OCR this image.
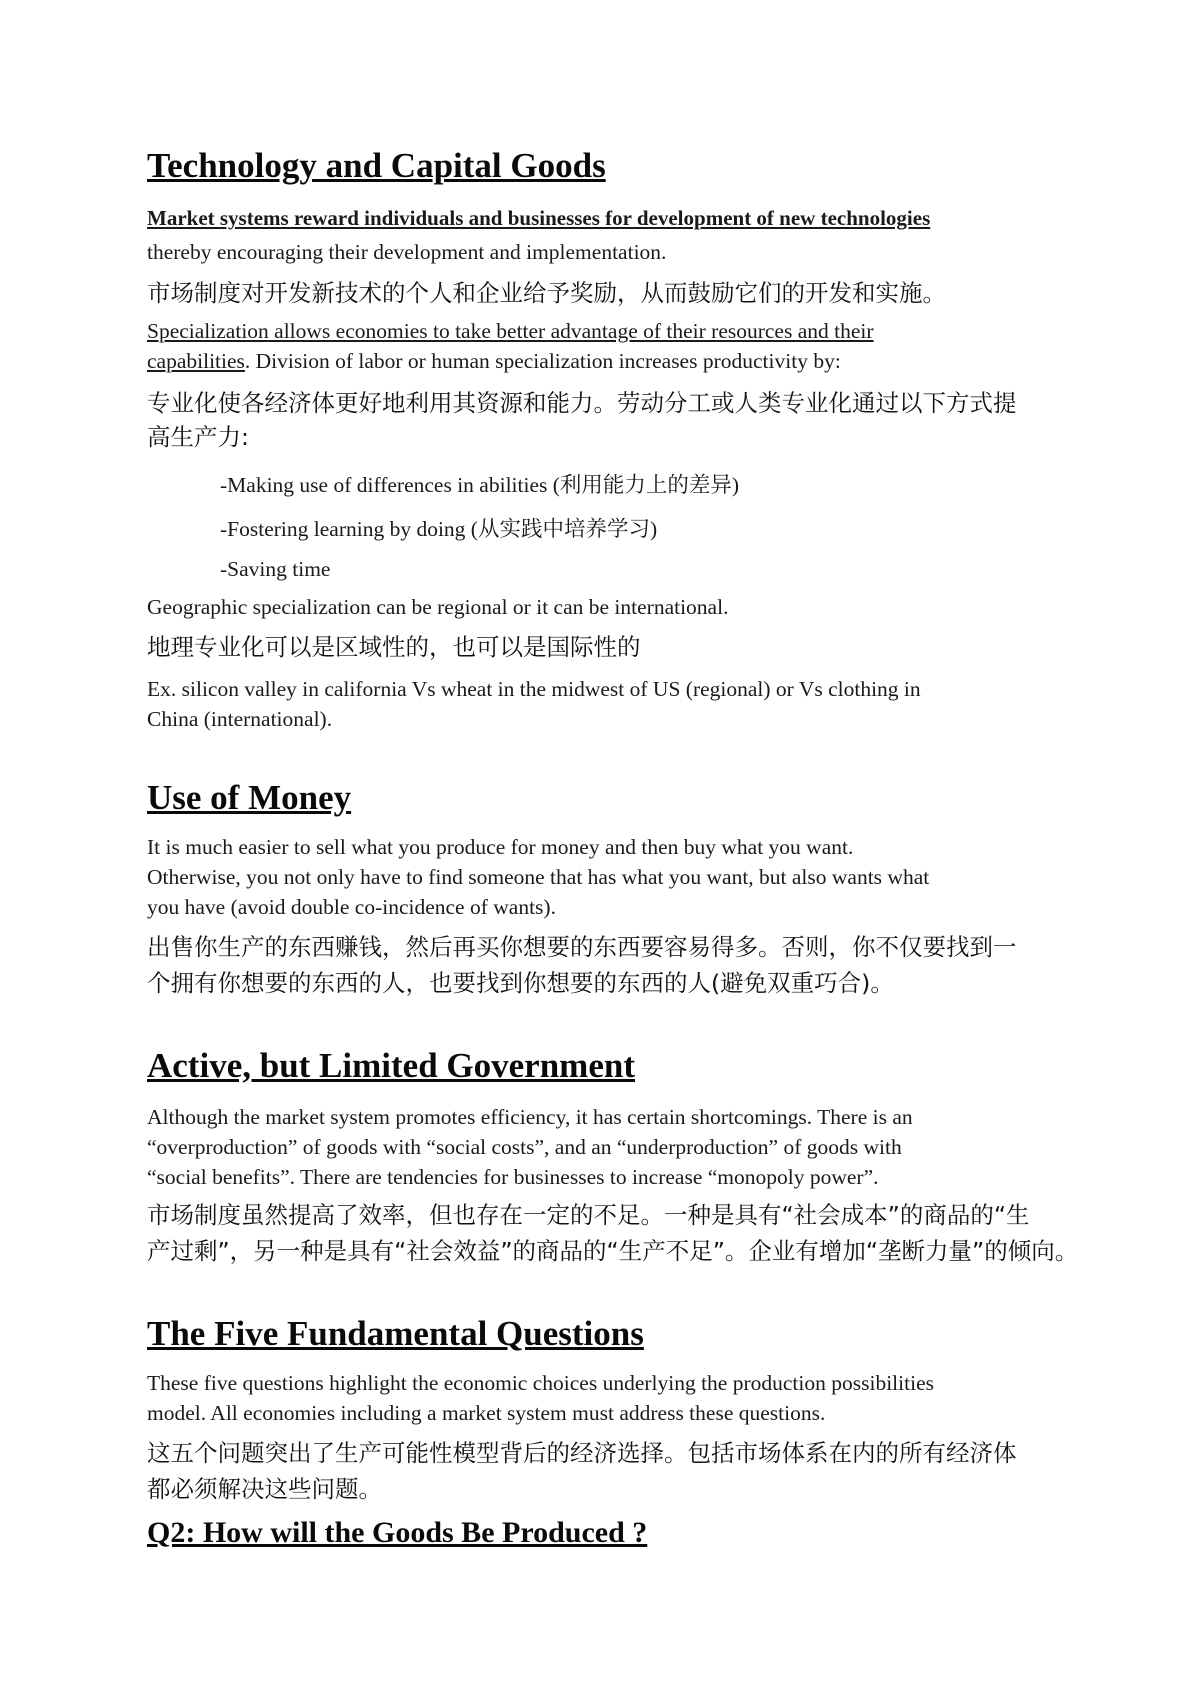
Technology and Capital Goods
Market systems reward individuals and businesses for development of new technologies
thereby encouraging their development and implementation.
市场制度对开发新技术的个人和企业给予奖励，从而鼓励它们的开发和实施。
Specialization allows economies to take better advantage of their resources and their
capabilities. Division of labor or human specialization increases productivity by:
专业化使各经济体更好地利用其资源和能力。劳动分工或人类专业化通过以下方式提
高生产力:
-Making use of differences in abilities (利用能力上的差异)
-Fostering learning by doing (从实践中培养学习)
-Saving time
Geographic specialization can be regional or it can be international.
地理专业化可以是区域性的，也可以是国际性的
Ex. silicon valley in california Vs wheat in the midwest of US (regional) or Vs clothing in
China (international).
Use of Money
It is much easier to sell what you produce for money and then buy what you want.
Otherwise, you not only have to find someone that has what you want, but also wants what
you have (avoid double co-incidence of wants).
出售你生产的东西赚钱，然后再买你想要的东西要容易得多。否则，你不仅要找到一
个拥有你想要的东西的人，也要找到你想要的东西的人(避免双重巧合)。
Active, but Limited Government
Although the market system promotes efficiency, it has certain shortcomings. There is an
“overproduction” of goods with “social costs”, and an “underproduction” of goods with
“social benefits”. There are tendencies for businesses to increase “monopoly power”.
市场制度虽然提高了效率，但也存在一定的不足。一种是具有“社会成本”的商品的“生
产过剩”，另一种是具有“社会效益”的商品的“生产不足”。企业有增加“垄断力量”的倾向。
The Five Fundamental Questions
These five questions highlight the economic choices underlying the production possibilities
model. All economies including a market system must address these questions.
这五个问题突出了生产可能性模型背后的经济选择。包括市场体系在内的所有经济体
都必须解决这些问题。
Q2: How will the Goods Be Produced ?
